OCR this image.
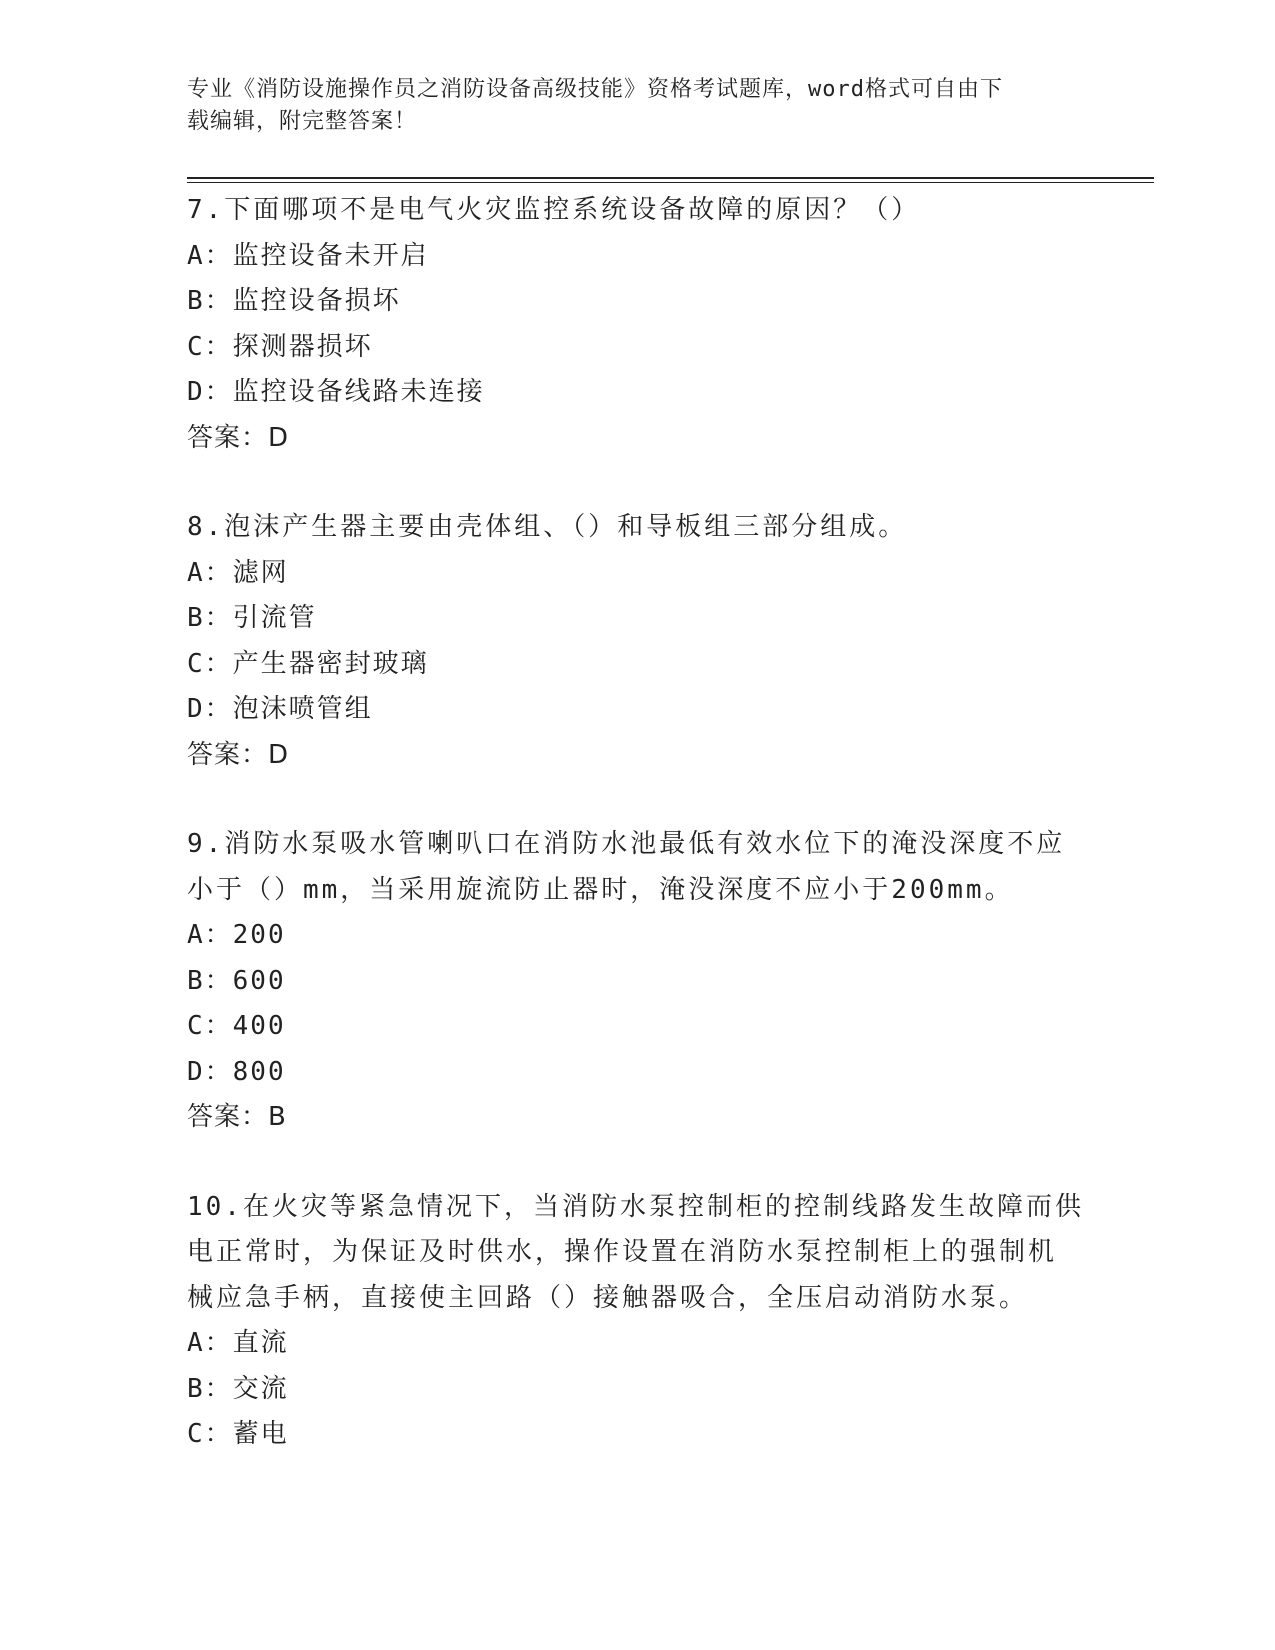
专业《消防设施操作员之消防设备高级技能》资格考试题库，word格式可自由下
载编辑，附完整答案！
7.下面哪项不是电气火灾监控系统设备故障的原因？（）
A：监控设备未开启
B：监控设备损坏
C：探测器损坏
D：监控设备线路未连接
答案：D
8.泡沫产生器主要由壳体组、（）和导板组三部分组成。
A：滤网
B：引流管
C：产生器密封玻璃
D：泡沫喷管组
答案：D
9.消防水泵吸水管喇叭口在消防水池最低有效水位下的淹没深度不应
小于（）mm，当采用旋流防止器时，淹没深度不应小于200mm。
A：200
B：600
C：400
D：800
答案：B
10.在火灾等紧急情况下，当消防水泵控制柜的控制线路发生故障而供
电正常时，为保证及时供水，操作设置在消防水泵控制柜上的强制机
械应急手柄，直接使主回路（）接触器吸合，全压启动消防水泵。
A：直流
B：交流
C：蓄电
